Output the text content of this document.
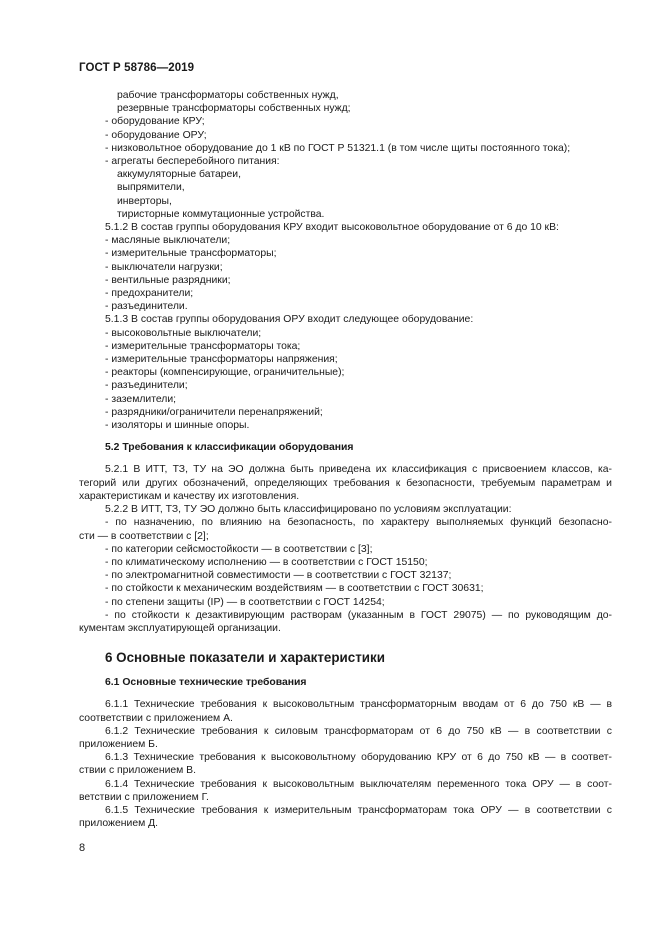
ГОСТ Р 58786—2019

рабочие трансформаторы собственных нужд,

резервные трансформаторы собственных нужд;

- оборудование КРУ;

- оборудование ОРУ;

- низковольтное оборудование до 1 кВ по ГОСТ Р 51321.1 (в том числе щиты постоянного тока);

- агрегаты бесперебойного питания:

аккумуляторные батареи,

выпрямители,

инверторы,

тиристорные коммутационные устройства.

5.1.2 В состав группы оборудования КРУ входит высоковольтное оборудование от 6 до 10 кВ:

- масляные выключатели;

- измерительные трансформаторы;

- выключатели нагрузки;

- вентильные разрядники;

- предохранители;

- разъединители.

5.1.3 В состав группы оборудования ОРУ входит следующее оборудование:

- высоковольтные выключатели;

- измерительные трансформаторы тока;

- измерительные трансформаторы напряжения;

- реакторы (компенсирующие, ограничительные);

- разъединители;

- заземлители;

- разрядники/ограничители перенапряжений;

- изоляторы и шинные опоры.

5.2 Требования к классификации оборудования

5.2.1 В ИТТ, ТЗ, ТУ на ЭО должна быть приведена их классификация с присвоением классов, ка-

тегорий или других обозначений, определяющих требования к безопасности, требуемым параметрам и

характеристикам и качеству их изготовления.

5.2.2 В ИТТ, ТЗ, ТУ ЭО должно быть классифицировано по условиям эксплуатации:

- по назначению, по влиянию на безопасность, по характеру выполняемых функций безопасно-

сти — в соответствии с [2];

- по категории сейсмостойкости — в соответствии с [3];

- по климатическому исполнению — в соответствии с ГОСТ 15150;

- по электромагнитной совместимости — в соответствии с ГОСТ 32137;

- по стойкости к механическим воздействиям — в соответствии с ГОСТ 30631;

- по степени защиты (IP) — в соответствии с ГОСТ 14254;

- по стойкости к дезактивирующим растворам (указанным в ГОСТ 29075) — по руководящим до-

кументам эксплуатирующей организации.

6 Основные показатели и характеристики

6.1 Основные технические требования

6.1.1 Технические требования к высоковольтным трансформаторным вводам от 6 до 750 кВ — в

соответствии с приложением А.

6.1.2 Технические требования к силовым трансформаторам от 6 до 750 кВ — в соответствии с

приложением Б.

6.1.3 Технические требования к высоковольтному оборудованию КРУ от 6 до 750 кВ — в соответ-

ствии с приложением В.

6.1.4 Технические требования к высоковольтным выключателям переменного тока ОРУ — в соот-

ветствии с приложением Г.

6.1.5 Технические требования к измерительным трансформаторам тока ОРУ — в соответствии с

приложением Д.

8
